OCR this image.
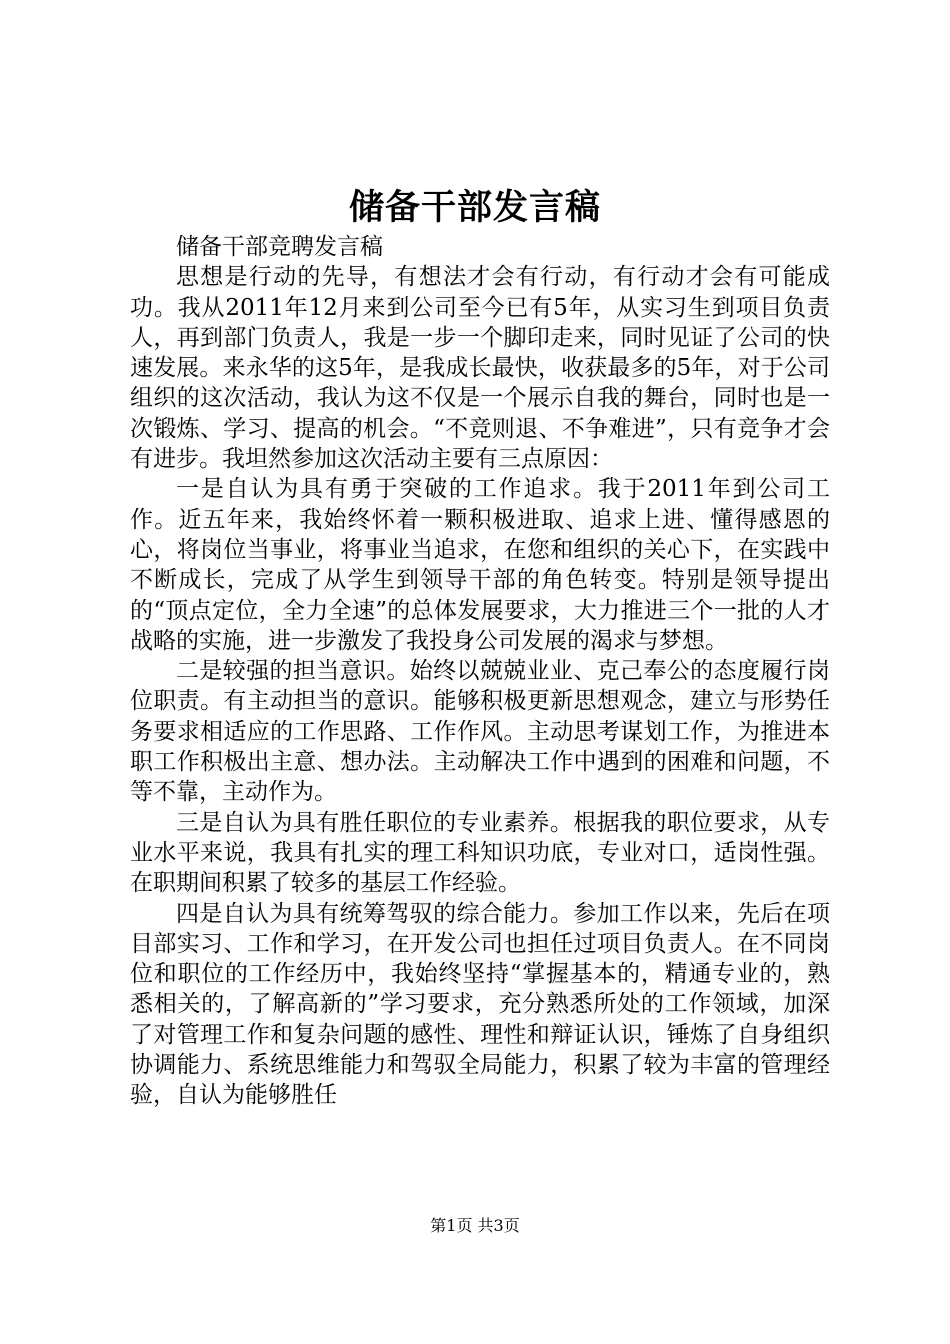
储备干部发言稿

储备干部竞聘发言稿

思想是行动的先导，有想法才会有行动，有行动才会有可能成功。我从2011年12月来到公司至今已有5年，从实习生到项目负责人，再到部门负责人，我是一步一个脚印走来，同时见证了公司的快速发展。来永华的这5年，是我成长最快，收获最多的5年，对于公司组织的这次活动，我认为这不仅是一个展示自我的舞台，同时也是一次锻炼、学习、提高的机会。“不竞则退、不争难进”，只有竞争才会有进步。我坦然参加这次活动主要有三点原因：

一是自认为具有勇于突破的工作追求。我于2011年到公司工作。近五年来，我始终怀着一颗积极进取、追求上进、懂得感恩的心，将岗位当事业，将事业当追求，在您和组织的关心下，在实践中不断成长，完成了从学生到领导干部的角色转变。特别是领导提出的“顶点定位，全力全速”的总体发展要求，大力推进三个一批的人才战略的实施，进一步激发了我投身公司发展的渴求与梦想。

二是较强的担当意识。始终以兢兢业业、克己奉公的态度履行岗位职责。有主动担当的意识。能够积极更新思想观念，建立与形势任务要求相适应的工作思路、工作作风。主动思考谋划工作，为推进本职工作积极出主意、想办法。主动解决工作中遇到的困难和问题，不等不靠，主动作为。

三是自认为具有胜任职位的专业素养。根据我的职位要求，从专业水平来说，我具有扎实的理工科知识功底，专业对口，适岗性强。在职期间积累了较多的基层工作经验。

四是自认为具有统筹驾驭的综合能力。参加工作以来，先后在项目部实习、工作和学习，在开发公司也担任过项目负责人。在不同岗位和职位的工作经历中，我始终坚持“掌握基本的，精通专业的，熟悉相关的，了解高新的”学习要求，充分熟悉所处的工作领域，加深了对管理工作和复杂问题的感性、理性和辩证认识，锤炼了自身组织协调能力、系统思维能力和驾驭全局能力，积累了较为丰富的管理经验，自认为能够胜任

第1页 共3页
